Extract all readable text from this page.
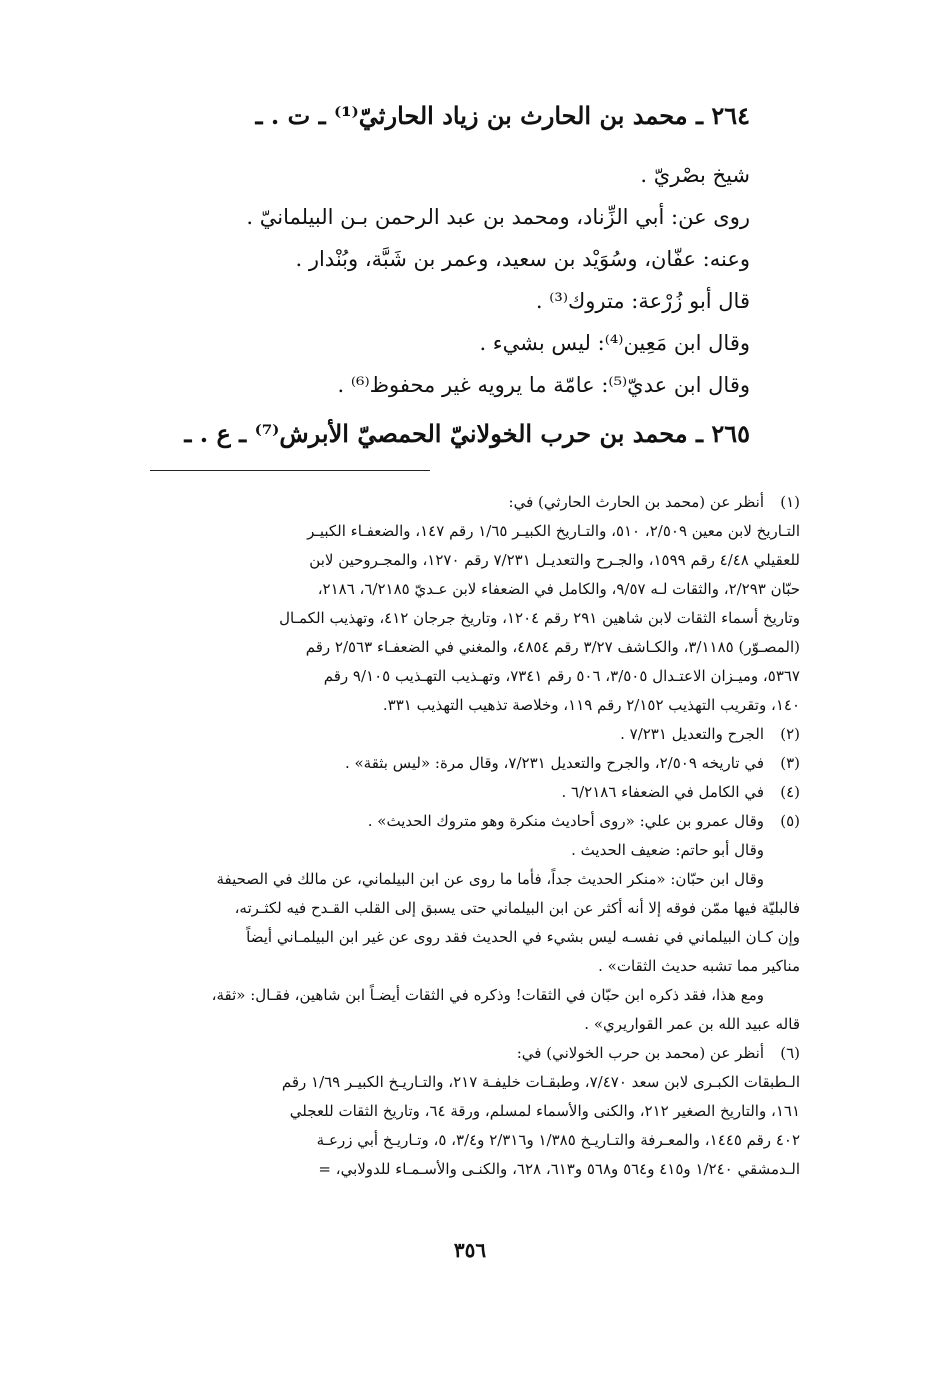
٢٦٤ ـ محمد بن الحارث بن زياد الحارثيّ⁽¹⁾ ـ ت . ـ
شيخ بصْريّ .
روى عن: أبي الزِّناد، ومحمد بن عبد الرحمن بـن البيلمانيّ .
وعنه: عفّان، وسُوَيْد بن سعيد، وعمر بن شَبَّة، وبُنْدار .
قال أبو زُرْعة: متروك⁽³⁾ .
وقال ابن مَعِين⁽⁴⁾: ليس بشيء .
وقال ابن عديّ⁽⁵⁾: عامّة ما يرويه غير محفوظ⁽⁶⁾ .
٢٦٥ ـ محمد بن حرب الخولانيّ الحمصيّ الأبرش⁽⁷⁾ ـ ع . ـ
(١)
أنظر عن (محمد بن الحارث الحارثي) في:
التـاريخ لابن معين ٢/٥٠٩، ٥١٠، والتـاريخ الكبيـر ١/٦٥ رقم ١٤٧، والضعفـاء الكبيـر
للعقيلي ٤/٤٨ رقم ١٥٩٩، والجـرح والتعديـل ٧/٢٣١ رقم ١٢٧٠، والمجـروحين لابن
حبّان ٢/٢٩٣، والثقات لـه ٩/٥٧، والكامل في الضعفاء لابن عـديّ ٦/٢١٨٥، ٢١٨٦،
وتاريخ أسماء الثقات لابن شاهين ٢٩١ رقم ١٢٠٤، وتاريخ جرجان ٤١٢، وتهذيب الكمـال
(المصـوّر) ٣/١١٨٥، والكـاشف ٣/٢٧ رقم ٤٨٥٤، والمغني في الضعفـاء ٢/٥٦٣ رقم
٥٣٦٧، وميـزان الاعتـدال ٣/٥٠٥، ٥٠٦ رقم ٧٣٤١، وتهـذيب التهـذيب ٩/١٠٥ رقم
١٤٠، وتقريب التهذيب ٢/١٥٢ رقم ١١٩، وخلاصة تذهيب التهذيب ٣٣١.
(٢)
الجرح والتعديل ٧/٢٣١ .
(٣)
في تاريخه ٢/٥٠٩، والجرح والتعديل ٧/٢٣١، وقال مرة: «ليس بثقة» .
(٤)
في الكامل في الضعفاء ٦/٢١٨٦ .
(٥)
وقال عمرو بن علي: «روى أحاديث منكرة وهو متروك الحديث» .
وقال أبو حاتم: ضعيف الحديث .
وقال ابن حبّان: «منكر الحديث جداً، فأما ما روى عن ابن البيلماني، عن مالك في الصحيفة
فالبليّة فيها ممّن فوقه إلا أنه أكثر عن ابن البيلماني حتى يسبق إلى القلب القـدح فيه لكثـرته،
وإن كـان البيلماني في نفسـه ليس بشيء في الحديث فقد روى عن غير ابن البيلمـاني أيضاً
مناكير مما تشبه حديث الثقات» .
ومع هذا، فقد ذكره ابن حبّان في الثقات! وذكره في الثقات أيضـاً ابن شاهين، فقـال: «ثقة،
قاله عبيد الله بن عمر القواريري» .
(٦)
أنظر عن (محمد بن حرب الخولاني) في:
الـطبقات الكبـرى لابن سعد ٧/٤٧٠، وطبقـات خليفـة ٢١٧، والتـاريـخ الكبيـر ١/٦٩ رقم
١٦١، والتاريخ الصغير ٢١٢، والكنى والأسماء لمسلم، ورقة ٦٤، وتاريخ الثقات للعجلي
٤٠٢ رقم ١٤٤٥، والمعـرفة والتـاريـخ ١/٣٨٥ و٢/٣١٦ و٣/٤، ٥، وتـاريـخ أبي زرعـة
الـدمشقي ١/٢٤٠ و٤١٥ و٥٦٤ و٥٦٨ و٦١٣، ٦٢٨، والكنـى والأسـمـاء للدولابي، =
٣٥٦
